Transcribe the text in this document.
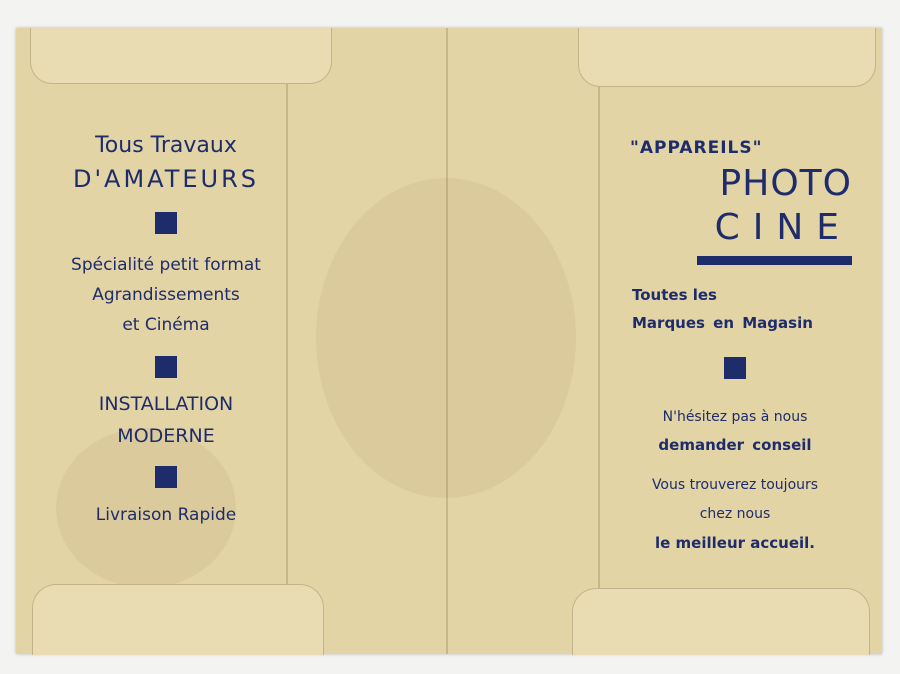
Tous Travaux
D'AMATEURS
Spécialité petit format
Agrandissements
et Cinéma
INSTALLATION
MODERNE
Livraison Rapide
"APPAREILS"
PHOTO
CINE
Toutes les
Marques en Magasin
N'hésitez pas à nous
demander conseil
Vous trouverez toujours
chez nous
le meilleur accueil.
